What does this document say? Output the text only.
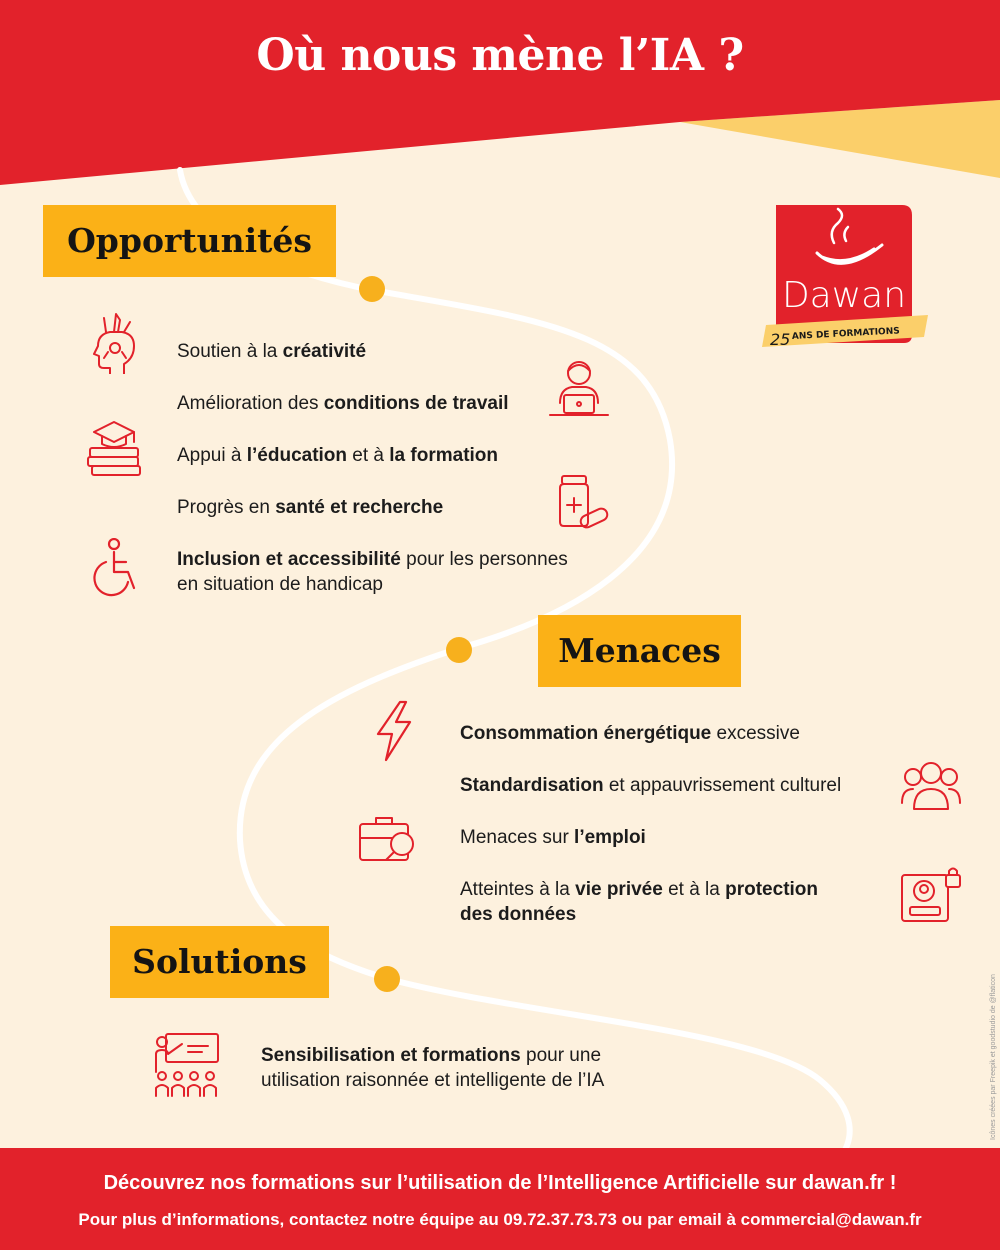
Où nous mène l’IA ?
Dawan
25 ANS DE FORMATIONS
Opportunités
Soutien à la créativité
Amélioration des conditions de travail
Appui à l’éducation et à la formation
Progrès en santé et recherche
Inclusion et accessibilité pour les personnes
en situation de handicap
Menaces
Consommation énergétique excessive
Standardisation et appauvrissement culturel
Menaces sur l’emploi
Atteintes à la vie privée et à la protection
des données
Solutions
Sensibilisation et formations pour une
utilisation raisonnée et intelligente de l’IA	Icônes créées par Freepik et goodstudio de @flaticon
Découvrez nos formations sur l’utilisation de l’Intelligence Artificielle sur dawan.fr !
Pour plus d’informations, contactez notre équipe au 09.72.37.73.73 ou par email à commercial@dawan.fr
